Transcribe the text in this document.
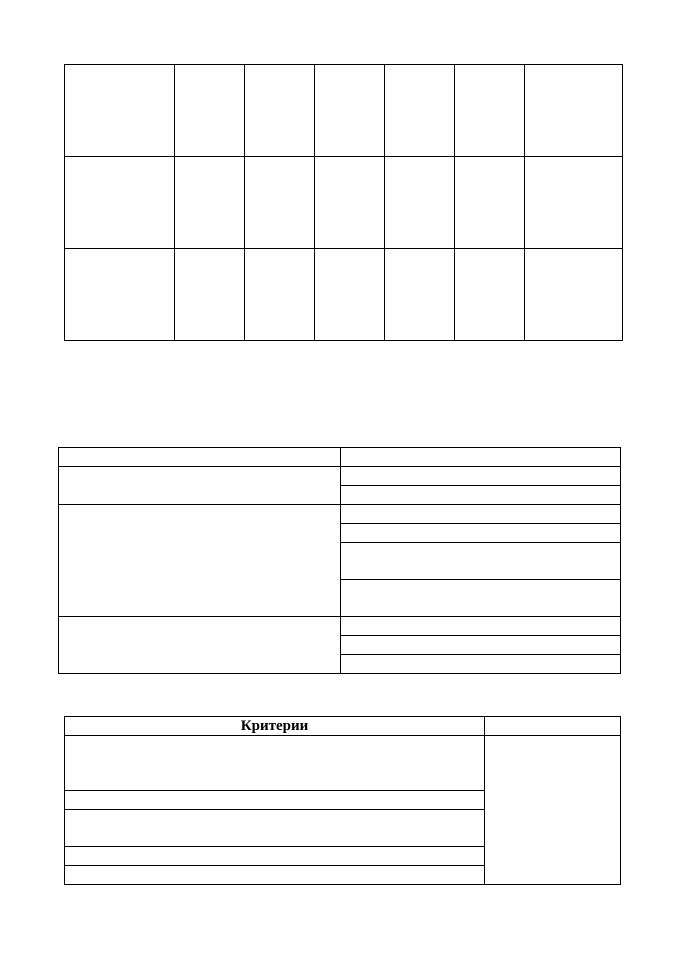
Критерии	
